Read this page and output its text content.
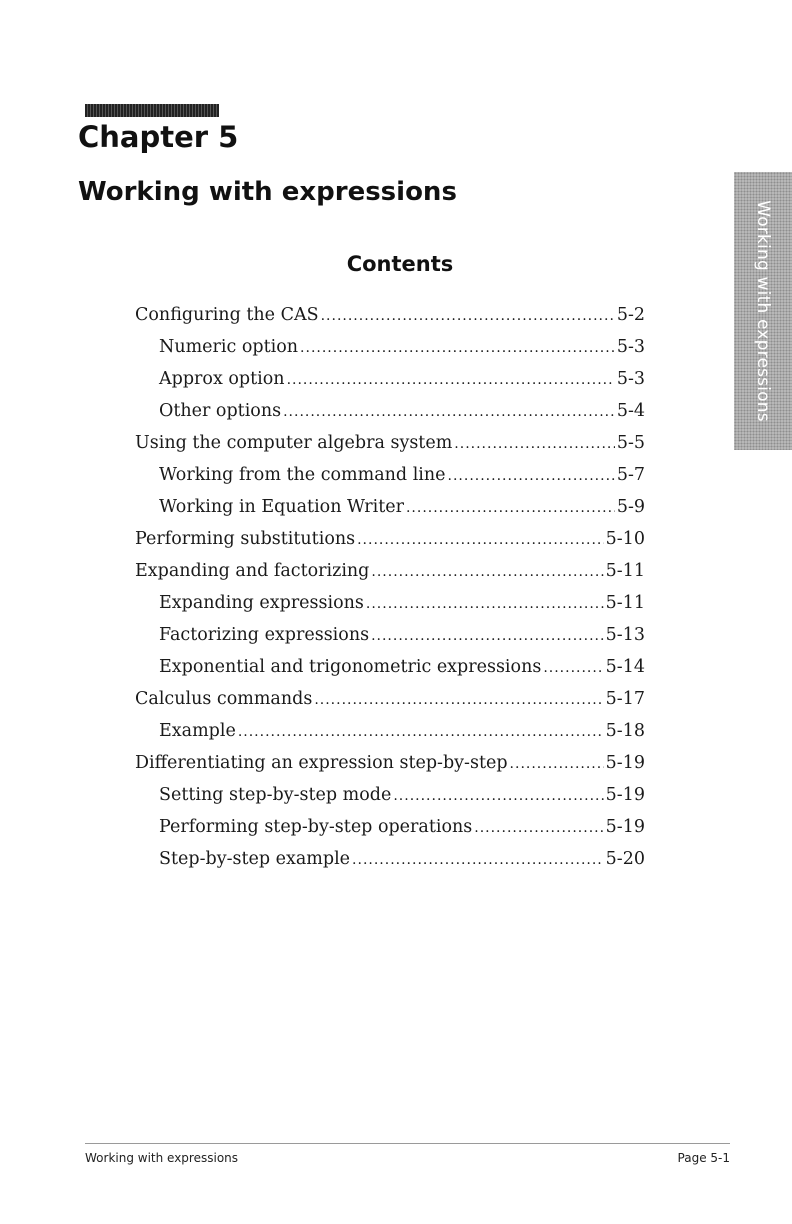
Chapter 5
Working with expressions
Working with expressions
Contents
Configuring the CAS .....	5-2
Numeric option .....	5-3
Approx option .....	5-3
Other options .....	5-4
Using the computer algebra system .....	5-5
Working from the command line .....	5-7
Working in Equation Writer .....	5-9
Performing substitutions .....	5-10
Expanding and factorizing .....	5-11
Expanding expressions .....	5-11
Factorizing expressions .....	5-13
Exponential and trigonometric expressions .....	5-14
Calculus commands .....	5-17
Example .....	5-18
Differentiating an expression step-by-step .....	5-19
Setting step-by-step mode .....	5-19
Performing step-by-step operations .....	5-19
Step-by-step example .....	5-20
Working with expressions	Page 5-1
